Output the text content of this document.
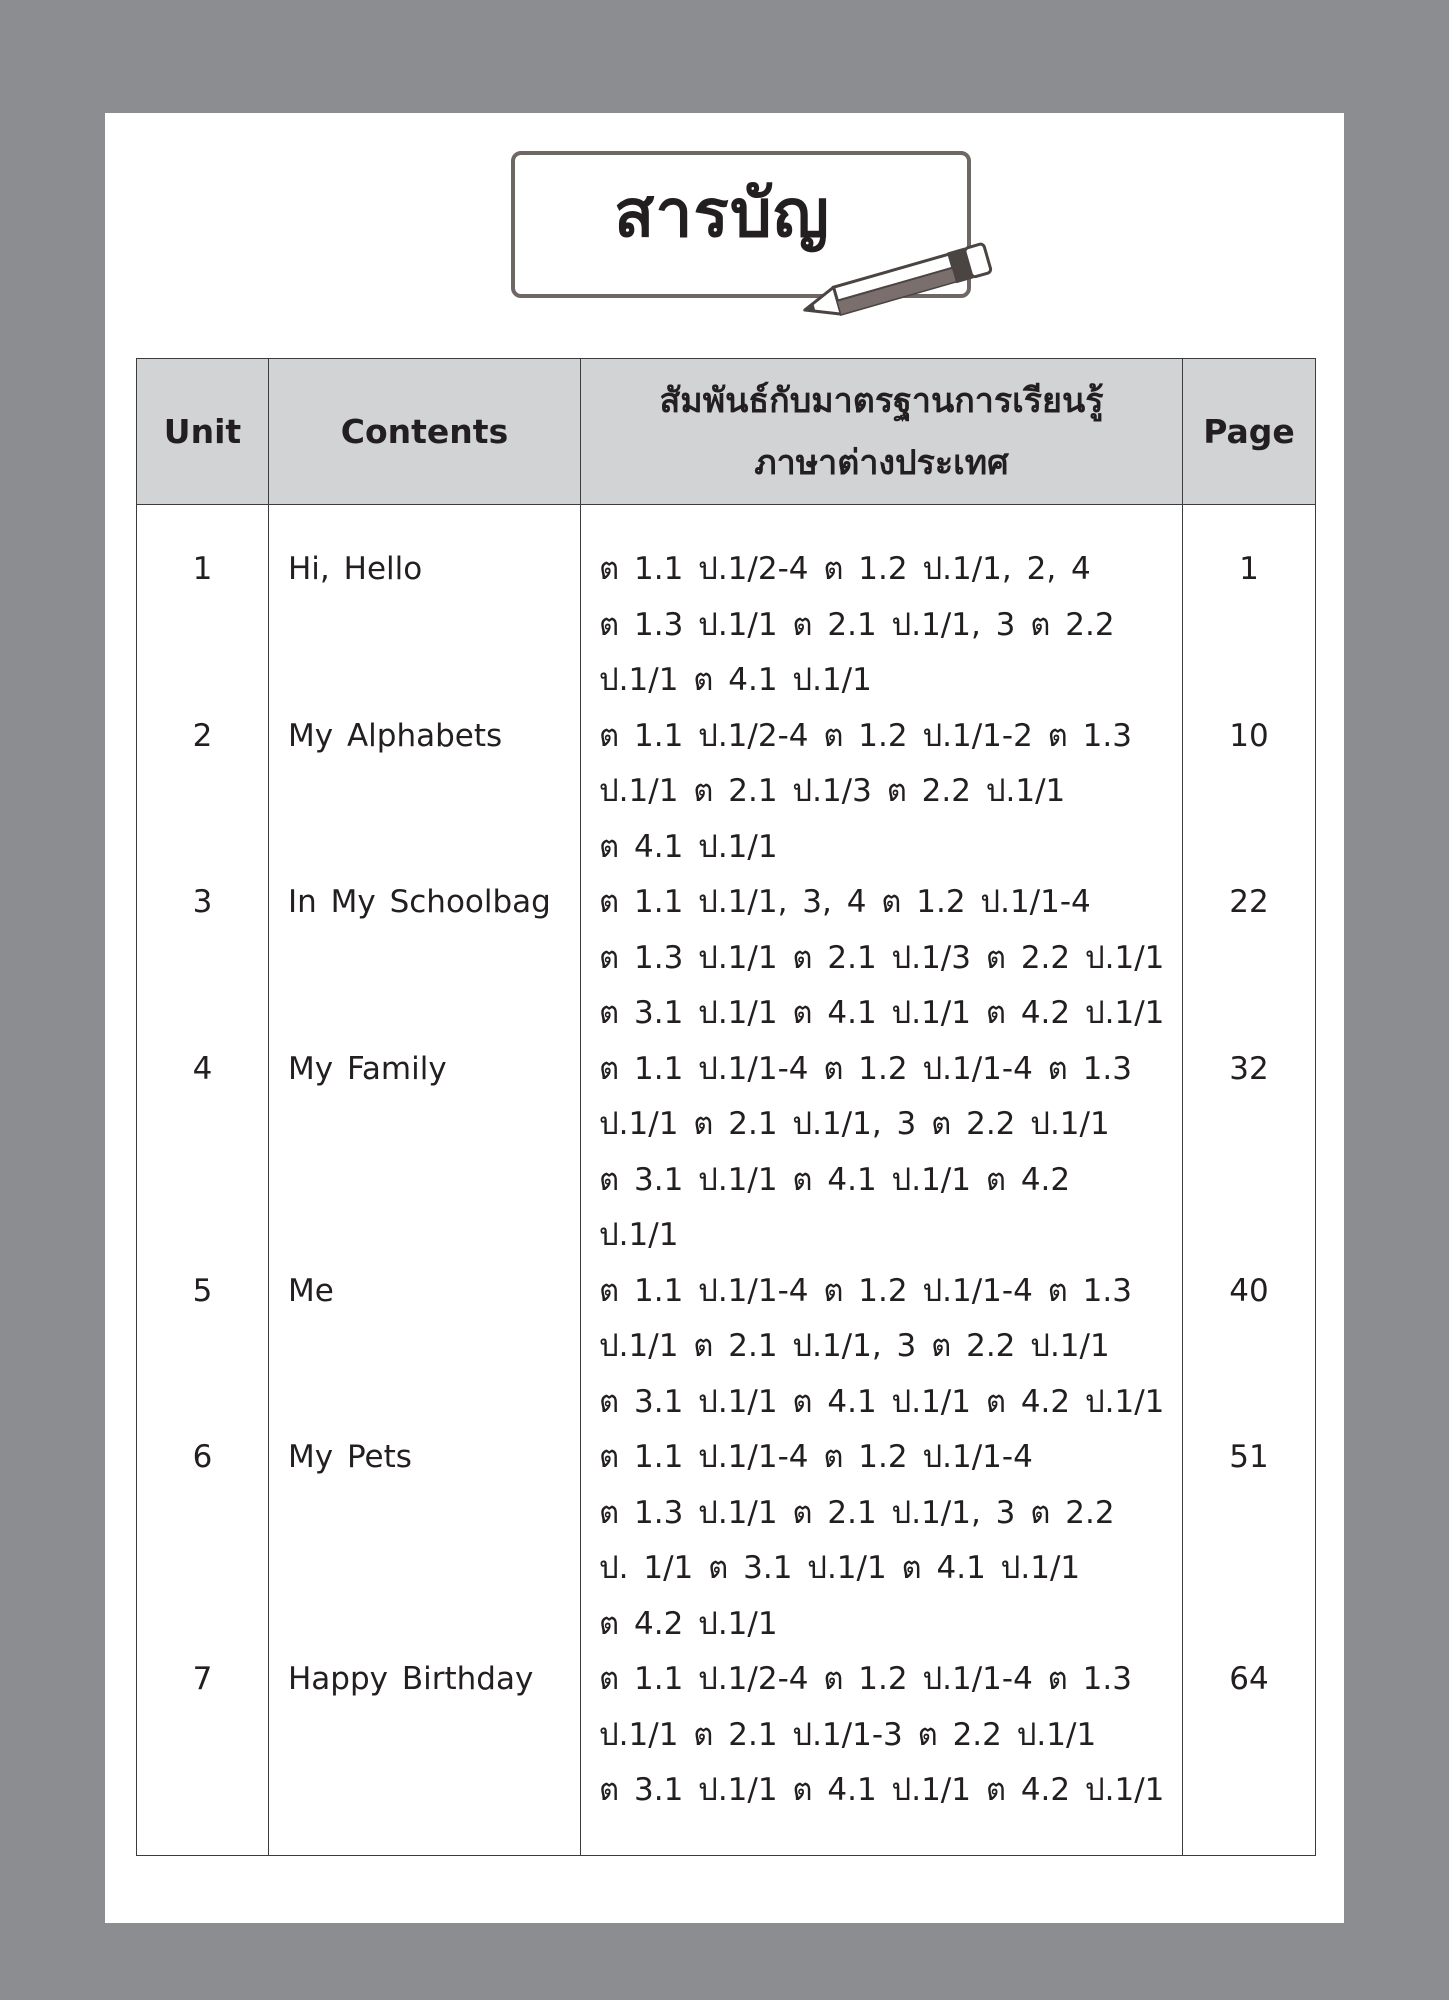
สารบัญ
Unit	Contents	สัมพันธ์กับมาตรฐานการเรียนรู้
ภาษาต่างประเทศ	Page
1	Hi, Hello	ต 1.1 ป.1/2-4 ต 1.2 ป.1/1, 2, 4
ต 1.3 ป.1/1 ต 2.1 ป.1/1, 3 ต 2.2
ป.1/1 ต 4.1 ป.1/1	1
2	My Alphabets	ต 1.1 ป.1/2-4 ต 1.2 ป.1/1-2 ต 1.3
ป.1/1 ต 2.1 ป.1/3 ต 2.2 ป.1/1
ต 4.1 ป.1/1	10
3	In My Schoolbag	ต 1.1 ป.1/1, 3, 4 ต 1.2 ป.1/1-4
ต 1.3 ป.1/1 ต 2.1 ป.1/3 ต 2.2 ป.1/1
ต 3.1 ป.1/1 ต 4.1 ป.1/1 ต 4.2 ป.1/1	22
4	My Family	ต 1.1 ป.1/1-4 ต 1.2 ป.1/1-4 ต 1.3
ป.1/1 ต 2.1 ป.1/1, 3 ต 2.2 ป.1/1
ต 3.1 ป.1/1 ต 4.1 ป.1/1 ต 4.2
ป.1/1	32
5	Me	ต 1.1 ป.1/1-4 ต 1.2 ป.1/1-4 ต 1.3
ป.1/1 ต 2.1 ป.1/1, 3 ต 2.2 ป.1/1
ต 3.1 ป.1/1 ต 4.1 ป.1/1 ต 4.2 ป.1/1	40
6	My Pets	ต 1.1 ป.1/1-4 ต 1.2 ป.1/1-4
ต 1.3 ป.1/1 ต 2.1 ป.1/1, 3 ต 2.2
ป. 1/1 ต 3.1 ป.1/1 ต 4.1 ป.1/1
ต 4.2 ป.1/1	51
7	Happy Birthday	ต 1.1 ป.1/2-4 ต 1.2 ป.1/1-4 ต 1.3
ป.1/1 ต 2.1 ป.1/1-3 ต 2.2 ป.1/1
ต 3.1 ป.1/1 ต 4.1 ป.1/1 ต 4.2 ป.1/1	64
